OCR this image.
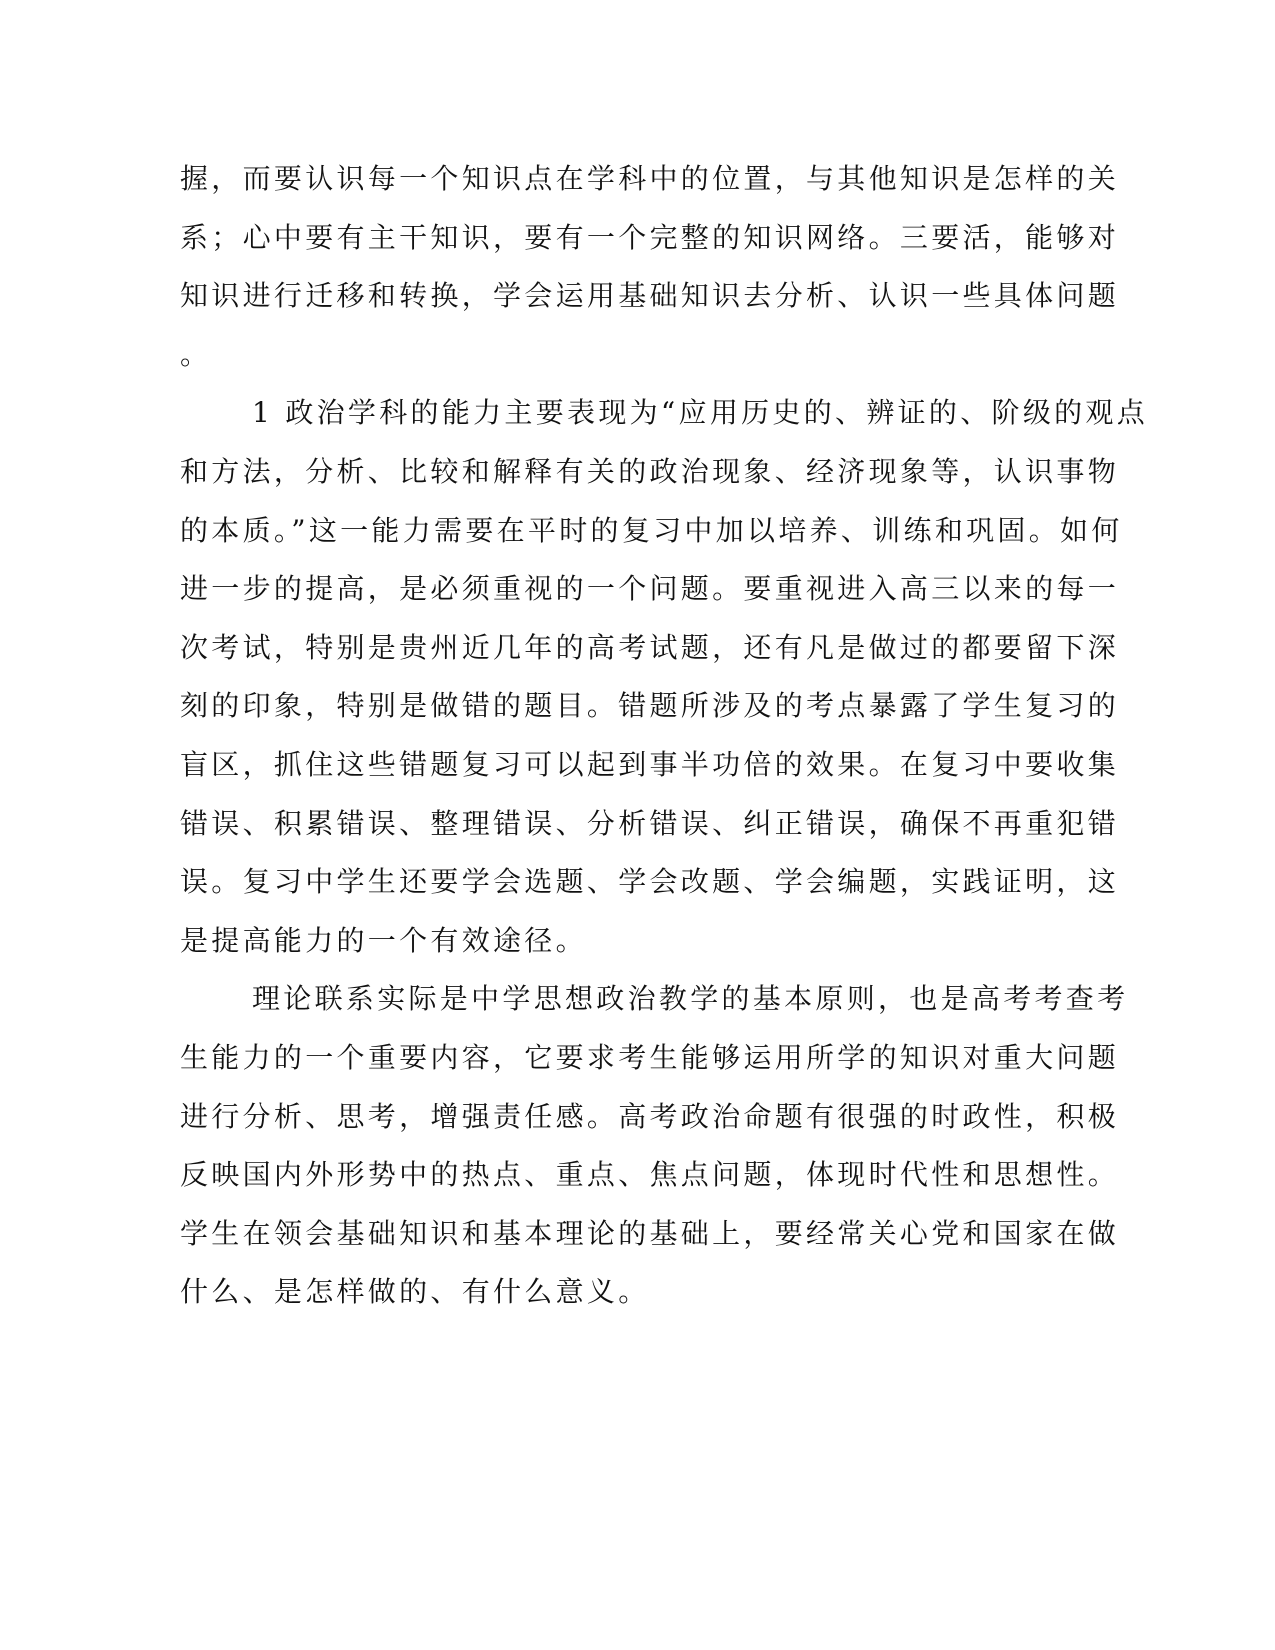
握，而要认识每一个知识点在学科中的位置，与其他知识是怎样的关
系；心中要有主干知识，要有一个完整的知识网络。三要活，能够对
知识进行迁移和转换，学会运用基础知识去分析、认识一些具体问题
。
1 政治学科的能力主要表现为“应用历史的、辨证的、阶级的观点
和方法，分析、比较和解释有关的政治现象、经济现象等，认识事物
的本质。”这一能力需要在平时的复习中加以培养、训练和巩固。如何
进一步的提高，是必须重视的一个问题。要重视进入高三以来的每一
次考试，特别是贵州近几年的高考试题，还有凡是做过的都要留下深
刻的印象，特别是做错的题目。错题所涉及的考点暴露了学生复习的
盲区，抓住这些错题复习可以起到事半功倍的效果。在复习中要收集
错误、积累错误、整理错误、分析错误、纠正错误，确保不再重犯错
误。复习中学生还要学会选题、学会改题、学会编题，实践证明，这
是提高能力的一个有效途径。
理论联系实际是中学思想政治教学的基本原则，也是高考考查考
生能力的一个重要内容，它要求考生能够运用所学的知识对重大问题
进行分析、思考，增强责任感。高考政治命题有很强的时政性，积极
反映国内外形势中的热点、重点、焦点问题，体现时代性和思想性。
学生在领会基础知识和基本理论的基础上，要经常关心党和国家在做
什么、是怎样做的、有什么意义。
